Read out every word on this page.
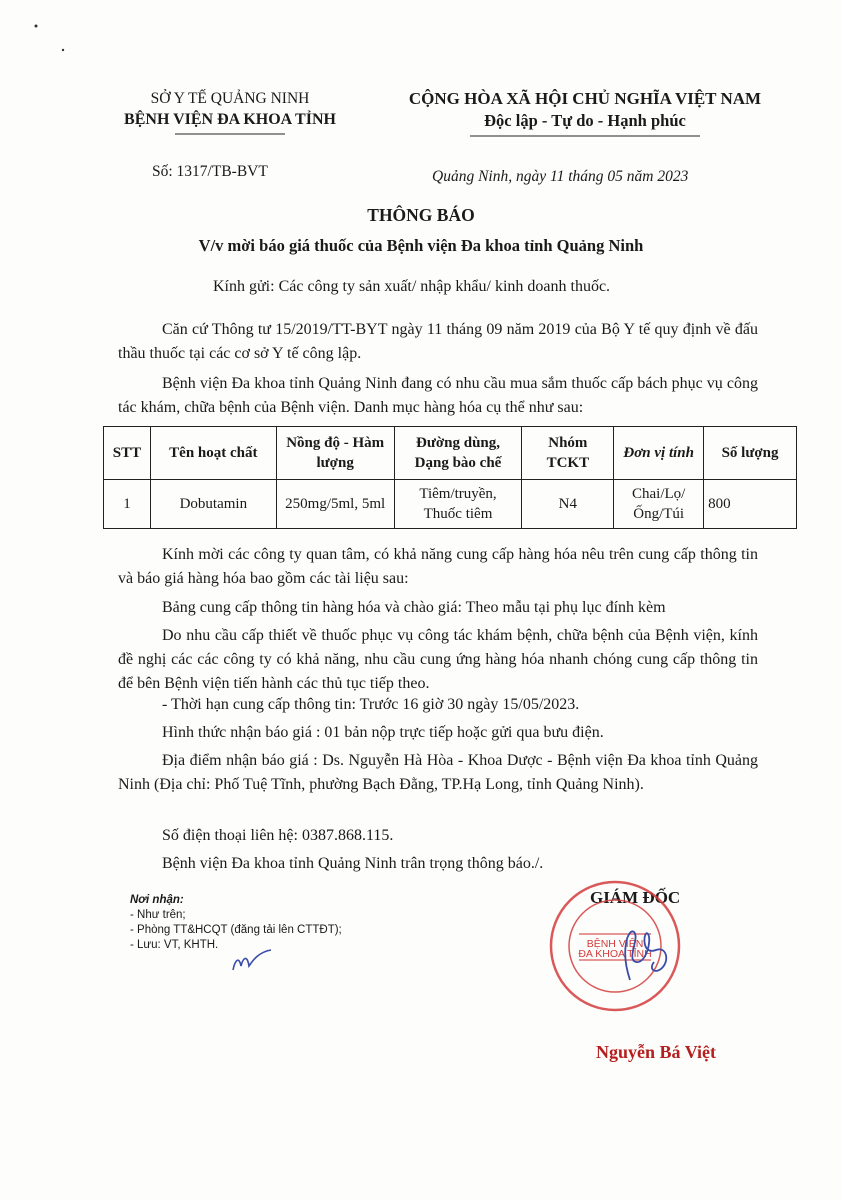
SỞ Y TẾ QUẢNG NINH
BỆNH VIỆN ĐA KHOA TỈNH
CỘNG HÒA XÃ HỘI CHỦ NGHĨA VIỆT NAM
Độc lập - Tự do - Hạnh phúc
Số: 1317/TB-BVT	Quảng Ninh, ngày 11 tháng 05 năm 2023
THÔNG BÁO
V/v mời báo giá thuốc của Bệnh viện Đa khoa tỉnh Quảng Ninh
Kính gửi: Các công ty sản xuất/ nhập khẩu/ kinh doanh thuốc.
Căn cứ Thông tư 15/2019/TT-BYT ngày 11 tháng 09 năm 2019 của Bộ Y tế quy định về đấu thầu thuốc tại các cơ sở Y tế công lập.
Bệnh viện Đa khoa tỉnh Quảng Ninh đang có nhu cầu mua sắm thuốc cấp bách phục vụ công tác khám, chữa bệnh của Bệnh viện. Danh mục hàng hóa cụ thể như sau:
STT	Tên hoạt chất	Nồng độ - Hàm lượng	Đường dùng, Dạng bào chế	Nhóm TCKT	Đơn vị tính	Số lượng
1	Dobutamin	250mg/5ml, 5ml	Tiêm/truyền, Thuốc tiêm	N4	Chai/Lọ/ Ống/Túi	800
Kính mời các công ty quan tâm, có khả năng cung cấp hàng hóa nêu trên cung cấp thông tin và báo giá hàng hóa bao gồm các tài liệu sau:
Bảng cung cấp thông tin hàng hóa và chào giá: Theo mẫu tại phụ lục đính kèm
Do nhu cầu cấp thiết về thuốc phục vụ công tác khám bệnh, chữa bệnh của Bệnh viện, kính đề nghị các các công ty có khả năng, nhu cầu cung ứng hàng hóa nhanh chóng cung cấp thông tin để bên Bệnh viện tiến hành các thủ tục tiếp theo.
- Thời hạn cung cấp thông tin: Trước 16 giờ 30 ngày 15/05/2023.
Hình thức nhận báo giá : 01 bản nộp trực tiếp hoặc gửi qua bưu điện.
Địa điểm nhận báo giá : Ds. Nguyễn Hà Hòa - Khoa Dược - Bệnh viện Đa khoa tỉnh Quảng Ninh (Địa chỉ: Phố Tuệ Tĩnh, phường Bạch Đằng, TP.Hạ Long, tỉnh Quảng Ninh).
Số điện thoại liên hệ: 0387.868.115.
Bệnh viện Đa khoa tỉnh Quảng Ninh trân trọng thông báo./.
Nơi nhận:
- Như trên;
- Phòng TT&HCQT (đăng tải lên CTTĐT);
- Lưu: VT, KHTH.
GIÁM ĐỐC
BỆNH VIỆN
ĐA KHOA TỈNH
Nguyễn Bá Việt
